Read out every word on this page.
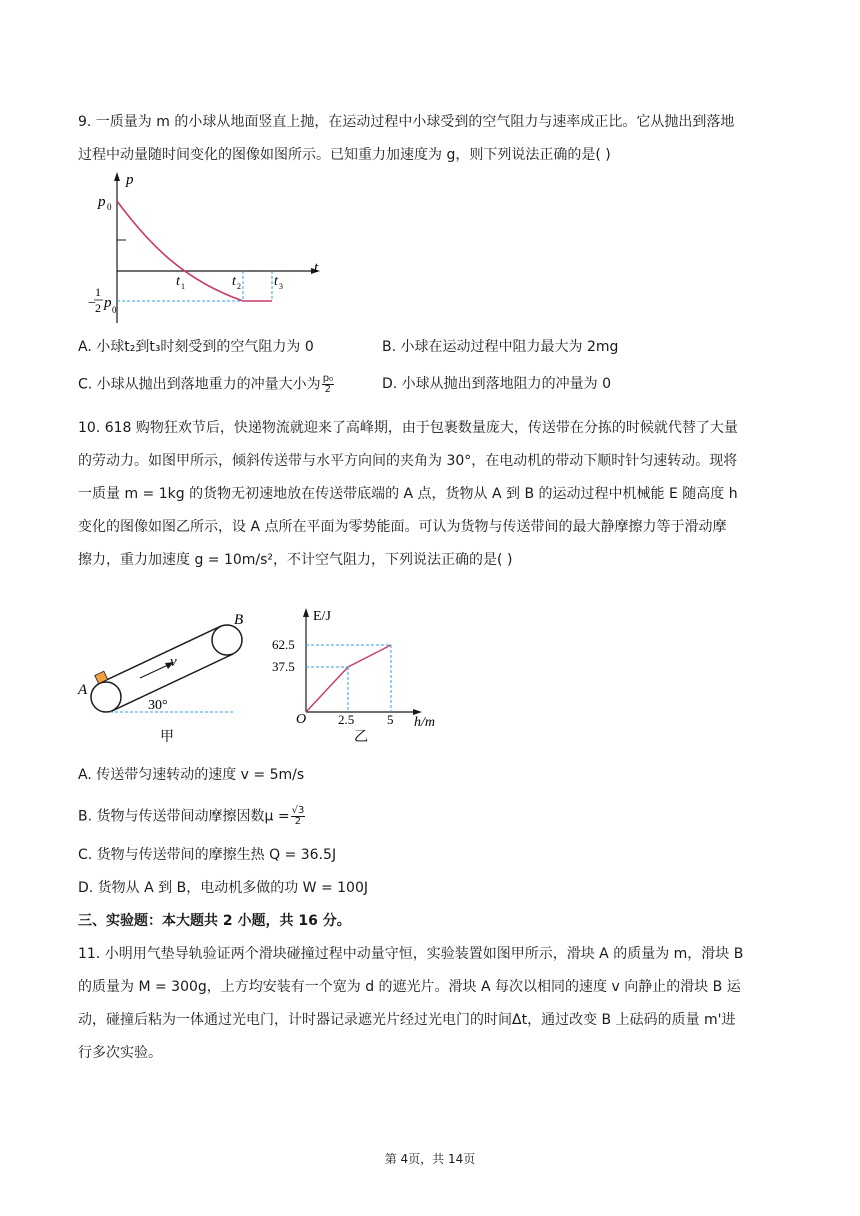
9. 一质量为 m 的小球从地面竖直上抛，在运动过程中小球受到的空气阻力与速率成正比。它从抛出到落地
过程中动量随时间变化的图像如图所示。已知重力加速度为 g，则下列说法正确的是( )
p
t
p 0
−
1
2 p 0
t 1	t 2 t 3
A. 小球t₂到t₃时刻受到的空气阻力为 0	B. 小球在运动过程中阻力最大为 2mg
C. 小球从抛出到落地重力的冲量大小为 $\frac{\text{p₀}}{2}$	D. 小球从抛出到落地阻力的冲量为 0
10. 618 购物狂欢节后，快递物流就迎来了高峰期，由于包裹数量庞大，传送带在分拣的时候就代替了大量
的劳动力。如图甲所示，倾斜传送带与水平方向间的夹角为 30°，在电动机的带动下顺时针匀速转动。现将
一质量 m = 1kg 的货物无初速地放在传送带底端的 A 点，货物从 A 到 B 的运动过程中机械能 E 随高度 h
变化的图像如图乙所示，设 A 点所在平面为零势能面。可认为货物与传送带间的最大静摩擦力等于滑动摩
擦力，重力加速度 g = 10m/s²，不计空气阻力，下列说法正确的是( )
v
A
B
30°
甲
E/J
62.5
37.5
O 2.5	5 h/m
乙
A. 传送带匀速转动的速度 v = 5m/s
B. 货物与传送带间动摩擦因数$\mu = \frac{√3}{2}$
C. 货物与传送带间的摩擦生热 Q = 36.5J
D. 货物从 A 到 B，电动机多做的功 W = 100J
三、实验题：本大题共 2 小题，共 16 分。
11. 小明用气垫导轨验证两个滑块碰撞过程中动量守恒，实验装置如图甲所示，滑块 A 的质量为 m，滑块 B
的质量为 M = 300g，上方均安装有一个宽为 d 的遮光片。滑块 A 每次以相同的速度 v 向静止的滑块 B 运
动，碰撞后粘为一体通过光电门，计时器记录遮光片经过光电门的时间Δt，通过改变 B 上砝码的质量 m'进
行多次实验。
第 4页，共 14页
